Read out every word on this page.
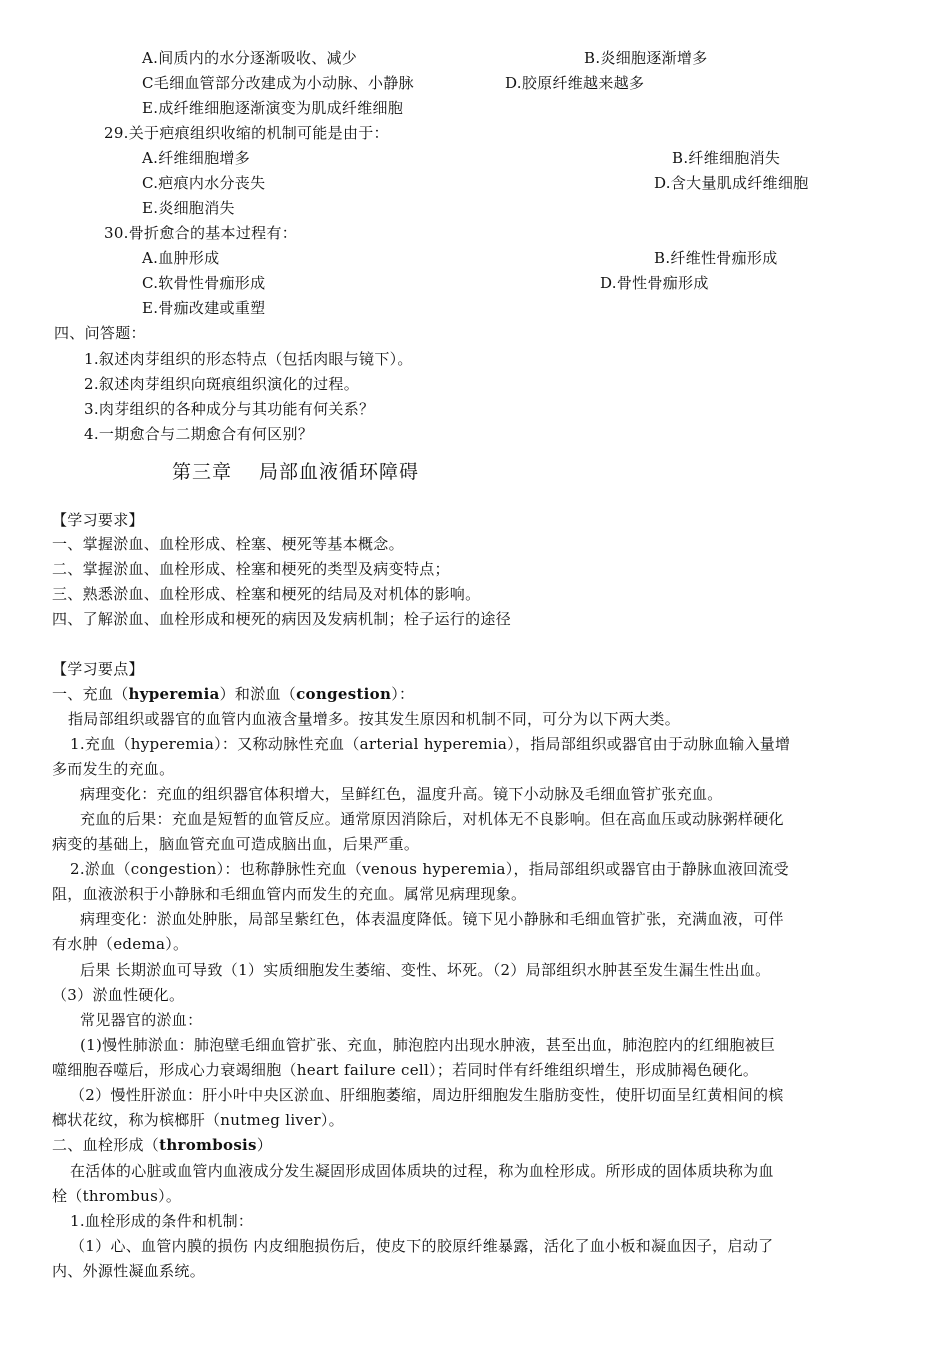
A.间质内的水分逐渐吸收、减少	B.炎细胞逐渐增多
C毛细血管部分改建成为小动脉、小静脉	D.胶原纤维越来越多
E.成纤维细胞逐渐演变为肌成纤维细胞
29.关于疤痕组织收缩的机制可能是由于：
A.纤维细胞增多	B.纤维细胞消失
C.疤痕内水分丧失	D.含大量肌成纤维细胞
E.炎细胞消失
30.骨折愈合的基本过程有：
A.血肿形成	B.纤维性骨痂形成
C.软骨性骨痂形成	D.骨性骨痂形成
E.骨痂改建或重塑
四、问答题：
1.叙述肉芽组织的形态特点（包括肉眼与镜下）。
2.叙述肉芽组织向斑痕组织演化的过程。
3.肉芽组织的各种成分与其功能有何关系？
4.一期愈合与二期愈合有何区别？
第三章　 局部血液循环障碍
【学习要求】
一、掌握淤血、血栓形成、栓塞、梗死等基本概念。
二、掌握淤血、血栓形成、栓塞和梗死的类型及病变特点；
三、熟悉淤血、血栓形成、栓塞和梗死的结局及对机体的影响。
四、了解淤血、血栓形成和梗死的病因及发病机制；栓子运行的途径
【学习要点】
一、充血（hyperemia）和淤血（congestion）：
指局部组织或器官的血管内血液含量增多。按其发生原因和机制不同，可分为以下两大类。
1.充血（hyperemia）：又称动脉性充血（arterial hyperemia），指局部组织或器官由于动脉血输入量增
多而发生的充血。
病理变化：充血的组织器官体积增大，呈鲜红色，温度升高。镜下小动脉及毛细血管扩张充血。
充血的后果：充血是短暂的血管反应。通常原因消除后，对机体无不良影响。但在高血压或动脉粥样硬化
病变的基础上，脑血管充血可造成脑出血，后果严重。
2.淤血（congestion）：也称静脉性充血（venous hyperemia），指局部组织或器官由于静脉血液回流受
阻，血液淤积于小静脉和毛细血管内而发生的充血。属常见病理现象。
病理变化：淤血处肿胀，局部呈紫红色，体表温度降低。镜下见小静脉和毛细血管扩张，充满血液，可伴
有水肿（edema）。
后果 长期淤血可导致（1）实质细胞发生萎缩、变性、坏死。（2）局部组织水肿甚至发生漏生性出血。
（3）淤血性硬化。
常见器官的淤血：
(1)慢性肺淤血：肺泡壁毛细血管扩张、充血，肺泡腔内出现水肿液，甚至出血，肺泡腔内的红细胞被巨
噬细胞吞噬后，形成心力衰竭细胞（heart failure cell）；若同时伴有纤维组织增生，形成肺褐色硬化。
（2）慢性肝淤血：肝小叶中央区淤血、肝细胞萎缩，周边肝细胞发生脂肪变性，使肝切面呈红黄相间的槟
榔状花纹，称为槟榔肝（nutmeg liver）。
二、血栓形成（thrombosis）
在活体的心脏或血管内血液成分发生凝固形成固体质块的过程，称为血栓形成。所形成的固体质块称为血
栓（thrombus）。
1.血栓形成的条件和机制：
（1）心、血管内膜的损伤 内皮细胞损伤后，使皮下的胶原纤维暴露，活化了血小板和凝血因子，启动了
内、外源性凝血系统。
